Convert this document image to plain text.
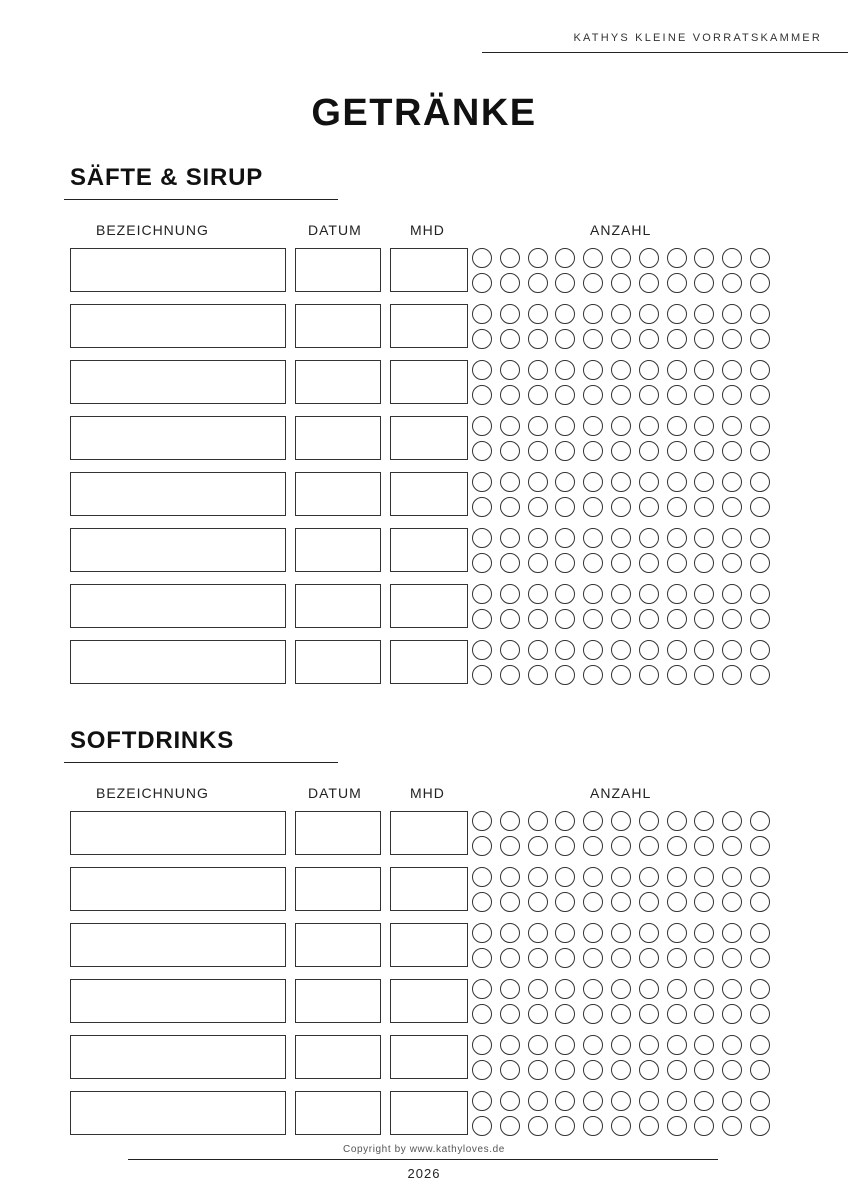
KATHYS KLEINE VORRATSKAMMER
GETRÄNKE
SÄFTE & SIRUP
BEZEICHNUNG	DATUM	MHD	ANZAHL
SOFTDRINKS
BEZEICHNUNG	DATUM	MHD	ANZAHL
Copyright by www.kathyloves.de
2026
